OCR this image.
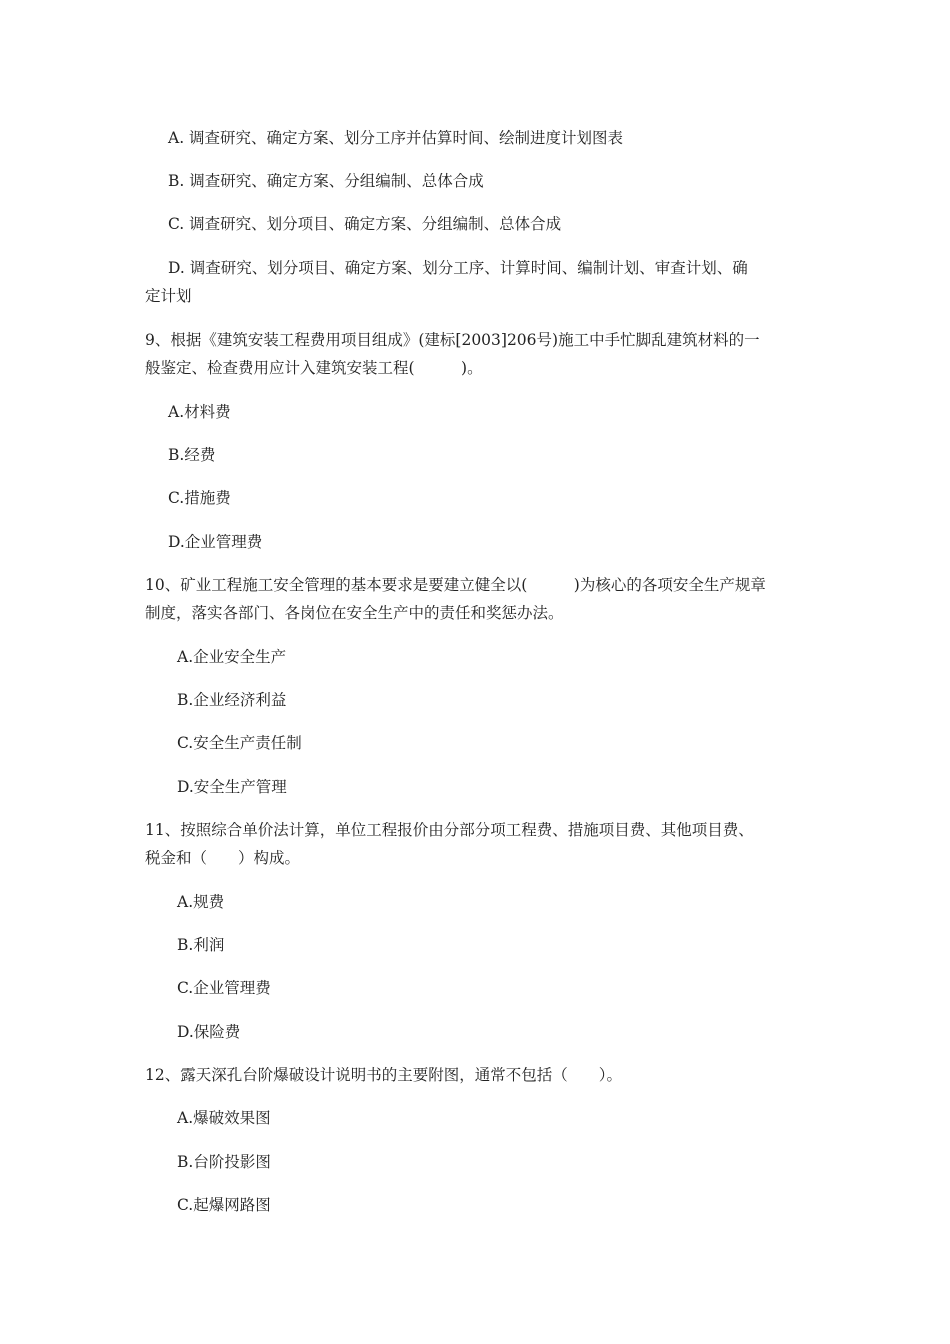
A. 调查研究、确定方案、划分工序并估算时间、绘制进度计划图表
B. 调查研究、确定方案、分组编制、总体合成
C. 调查研究、划分项目、确定方案、分组编制、总体合成
D. 调查研究、划分项目、确定方案、划分工序、计算时间、编制计划、审查计划、确
定计划
9、根据《建筑安装工程费用项目组成》(建标[2003]206号)施工中手忙脚乱建筑材料的一
般鉴定、检查费用应计入建筑安装工程(　　　)。
A.材料费
B.经费
C.措施费
D.企业管理费
10、矿业工程施工安全管理的基本要求是要建立健全以(　　　)为核心的各项安全生产规章
制度，落实各部门、各岗位在安全生产中的责任和奖惩办法。
A.企业安全生产
B.企业经济利益
C.安全生产责任制
D.安全生产管理
11、按照综合单价法计算，单位工程报价由分部分项工程费、措施项目费、其他项目费、
税金和（　　）构成。
A.规费
B.利润
C.企业管理费
D.保险费
12、露天深孔台阶爆破设计说明书的主要附图，通常不包括（　　）。
A.爆破效果图
B.台阶投影图
C.起爆网路图
